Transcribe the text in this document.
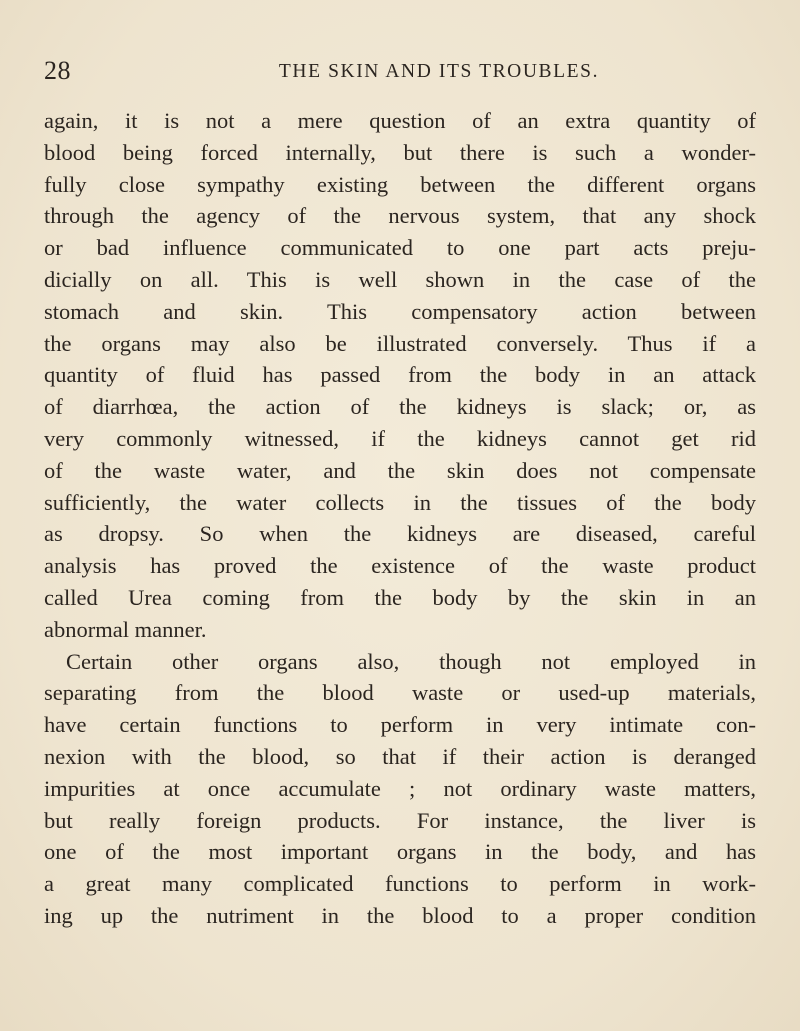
28	THE SKIN AND ITS TROUBLES.
again, it is not a mere question of an extra quantity of
blood being forced internally, but there is such a wonder-
fully close sympathy existing between the different organs
through the agency of the nervous system, that any shock
or bad influence communicated to one part acts preju-
dicially on all. This is well shown in the case of the
stomach and skin. This compensatory action between
the organs may also be illustrated conversely. Thus if a
quantity of fluid has passed from the body in an attack
of diarrhœa, the action of the kidneys is slack; or, as
very commonly witnessed, if the kidneys cannot get rid
of the waste water, and the skin does not compensate
sufficiently, the water collects in the tissues of the body
as dropsy. So when the kidneys are diseased, careful
analysis has proved the existence of the waste product
called Urea coming from the body by the skin in an
abnormal manner.
Certain other organs also, though not employed in
separating from the blood waste or used-up materials,
have certain functions to perform in very intimate con-
nexion with the blood, so that if their action is deranged
impurities at once accumulate ; not ordinary waste matters,
but really foreign products. For instance, the liver is
one of the most important organs in the body, and has
a great many complicated functions to perform in work-
ing up the nutriment in the blood to a proper condition
